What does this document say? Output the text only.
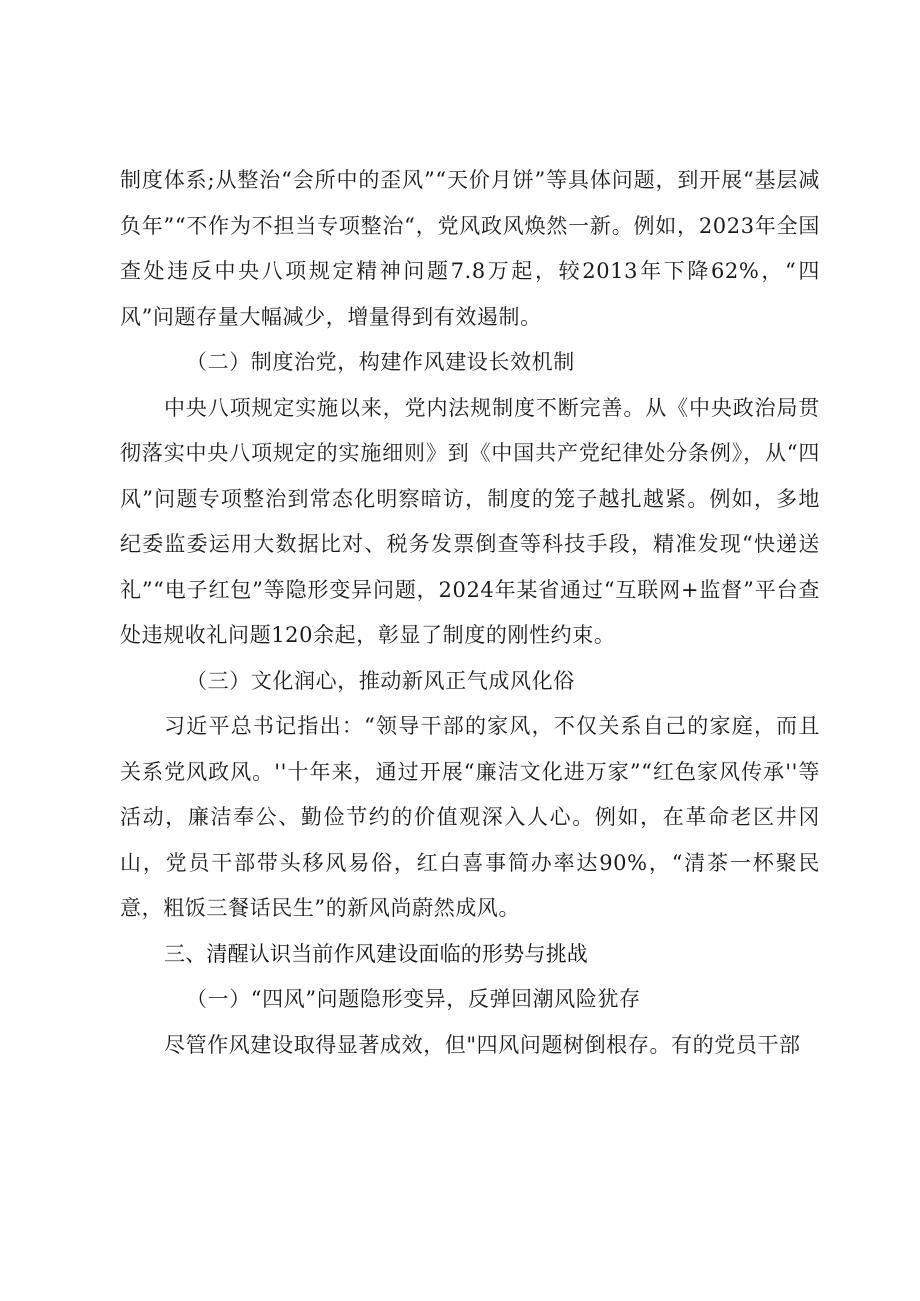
制度体系;从整治“会所中的歪风”“天价月饼”等具体问题，到开展“基层减负年”“不作为不担当专项整治“，党风政风焕然一新。例如，2023年全国查处违反中央八项规定精神问题7.8万起，较2013年下降62%，“四风”问题存量大幅减少，增量得到有效遏制。

（二）制度治党，构建作风建设长效机制

中央八项规定实施以来，党内法规制度不断完善。从《中央政治局贯彻落实中央八项规定的实施细则》到《中国共产党纪律处分条例》，从“四风”问题专项整治到常态化明察暗访，制度的笼子越扎越紧。例如，多地纪委监委运用大数据比对、税务发票倒查等科技手段，精准发现“快递送礼”“电子红包”等隐形变异问题，2024年某省通过“互联网+监督”平台查处违规收礼问题120余起，彰显了制度的刚性约束。

（三）文化润心，推动新风正气成风化俗

习近平总书记指出：“领导干部的家风，不仅关系自己的家庭，而且关系党风政风。''十年来，通过开展“廉洁文化进万家”“红色家风传承''等活动，廉洁奉公、勤俭节约的价值观深入人心。例如，在革命老区井冈山，党员干部带头移风易俗，红白喜事简办率达90%，“清茶一杯聚民意，粗饭三餐话民生”的新风尚蔚然成风。

三、清醒认识当前作风建设面临的形势与挑战

（一）“四风”问题隐形变异，反弹回潮风险犹存

尽管作风建设取得显著成效，但"四风问题树倒根存。有的党员干部
